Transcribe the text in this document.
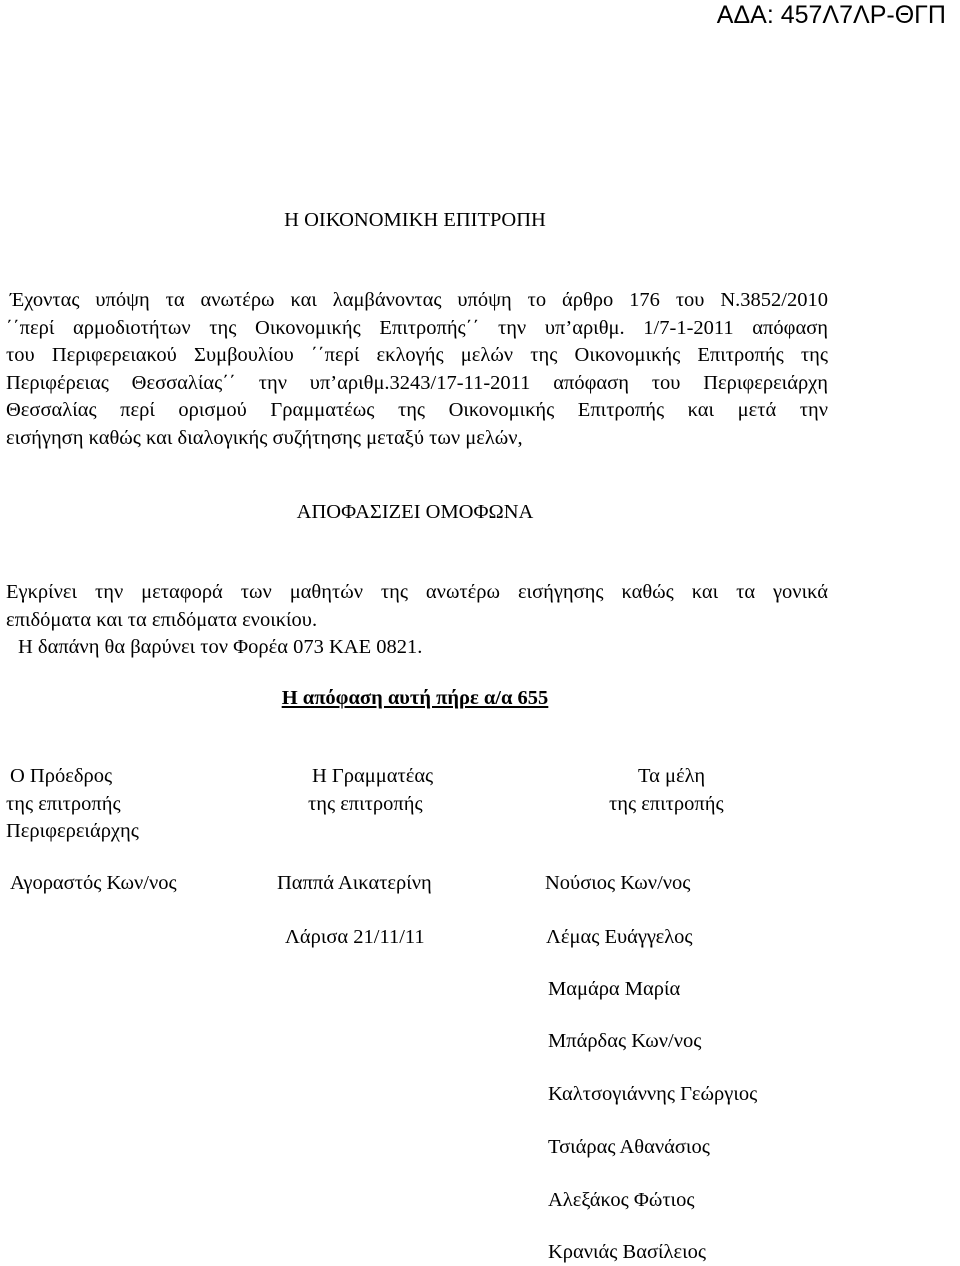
ΑΔΑ: 457Λ7ΛΡ-ΘΓΠ
Η ΟΙΚΟΝΟΜΙΚΗ ΕΠΙΤΡΟΠΗ
Έχοντας υπόψη τα ανωτέρω και λαμβάνοντας υπόψη το άρθρο 176 του Ν.3852/2010
΄΄περί αρμοδιοτήτων της Οικονομικής Επιτροπής΄΄ την υπ’αριθμ. 1/7-1-2011 απόφαση
του Περιφερειακού Συμβουλίου ΄΄περί εκλογής μελών της Οικονομικής Επιτροπής της
Περιφέρειας Θεσσαλίας΄΄ την υπ’αριθμ.3243/17-11-2011 απόφαση του Περιφερειάρχη
Θεσσαλίας περί ορισμού Γραμματέως της Οικονομικής Επιτροπής και μετά την
εισήγηση καθώς και διαλογικής συζήτησης μεταξύ των μελών,
ΑΠΟΦΑΣΙΖΕΙ ΟΜΟΦΩΝΑ
Εγκρίνει την μεταφορά των μαθητών της ανωτέρω εισήγησης καθώς και τα γονικά
επιδόματα και τα επιδόματα ενοικίου.
Η δαπάνη θα βαρύνει τον Φορέα 073 ΚΑΕ 0821.
Η απόφαση αυτή πήρε α/α 655
Ο Πρόεδρος
της επιτροπής
Περιφερειάρχης
Αγοραστός Κων/νος
Η Γραμματέας
της επιτροπής
Παππά Αικατερίνη
Λάρισα 21/11/11
Τα μέλη
της επιτροπής
Νούσιος Κων/νος
Λέμας Ευάγγελος
Μαμάρα Μαρία
Μπάρδας Κων/νος
Καλτσογιάννης Γεώργιος
Τσιάρας Αθανάσιος
Αλεξάκος Φώτιος
Κρανιάς Βασίλειος
